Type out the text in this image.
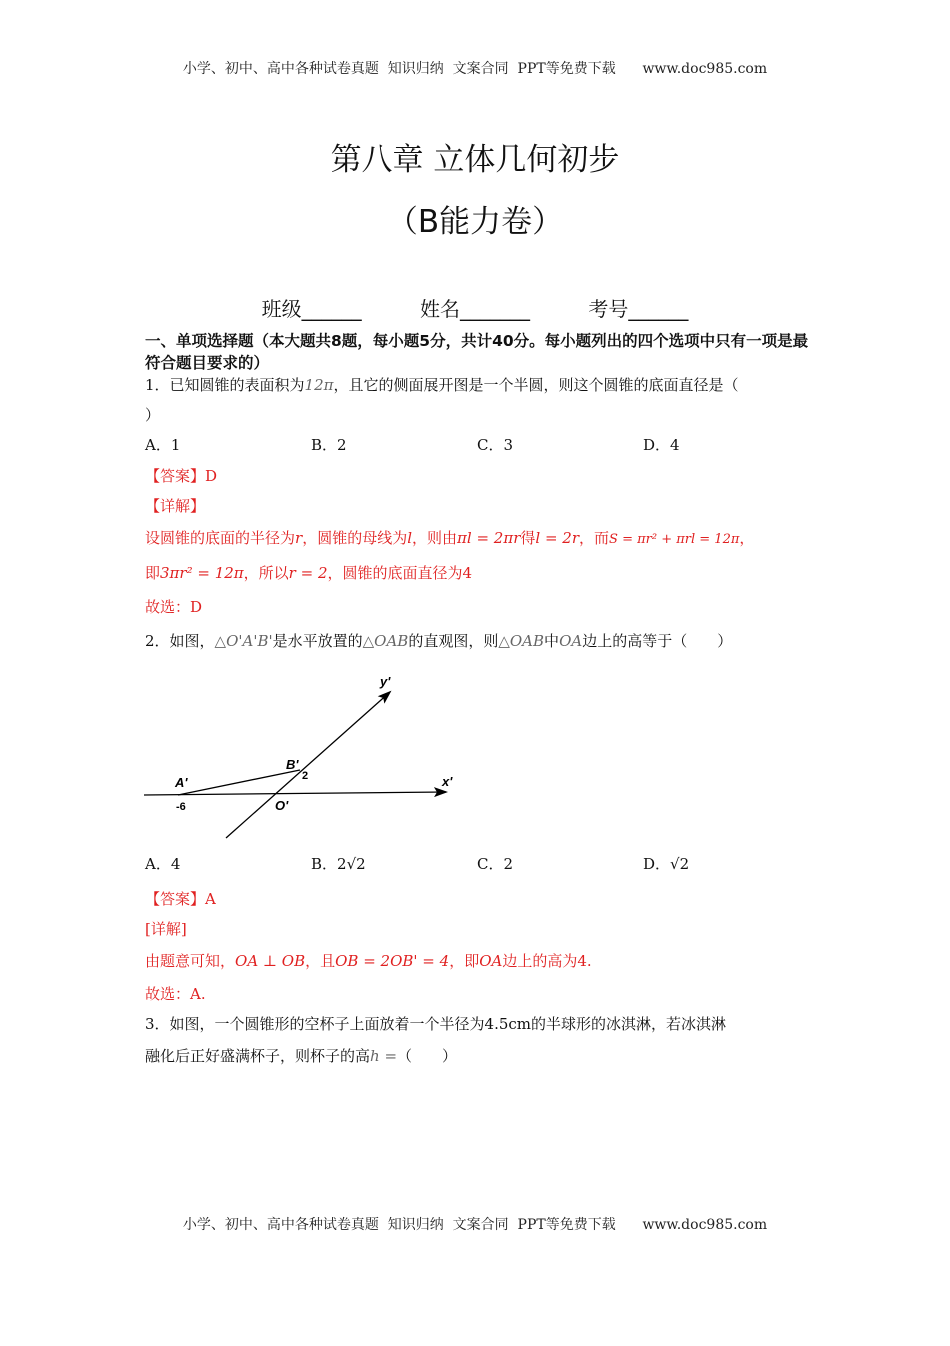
小学、初中、高中各种试卷真题  知识归纳  文案合同  PPT等免费下载      www.doc985.com
第八章 立体几何初步
（B能力卷）
班级______	姓名_______	考号______
一、单项选择题（本大题共8题，每小题5分，共计40分。每小题列出的四个选项中只有一项是最符合题目要求的）
1．已知圆锥的表面积为12π，且它的侧面展开图是一个半圆，则这个圆锥的底面直径是（
）
A．1	B．2	C．3	D．4
【答案】D
【详解】
设圆锥的底面的半径为r，圆锥的母线为l，则由πl = 2πr得l = 2r，而S = πr² + πrl = 12π，
即3πr² = 12π，所以r = 2，圆锥的底面直径为4
故选：D
2．如图，△O'A'B'是水平放置的△OAB的直观图，则△OAB中OA边上的高等于（　　）
y'
x'
A'
B'
O'
-6
2
A．4	B．2√2	C．2	D．√2
【答案】A
[详解]
由题意可知，OA ⊥ OB，且OB = 2OB' = 4，即OA边上的高为4.
故选：A.
3．如图，一个圆锥形的空杯子上面放着一个半径为4.5cm的半球形的冰淇淋，若冰淇淋
融化后正好盛满杯子，则杯子的高h =（　　）
小学、初中、高中各种试卷真题  知识归纳  文案合同  PPT等免费下载      www.doc985.com
